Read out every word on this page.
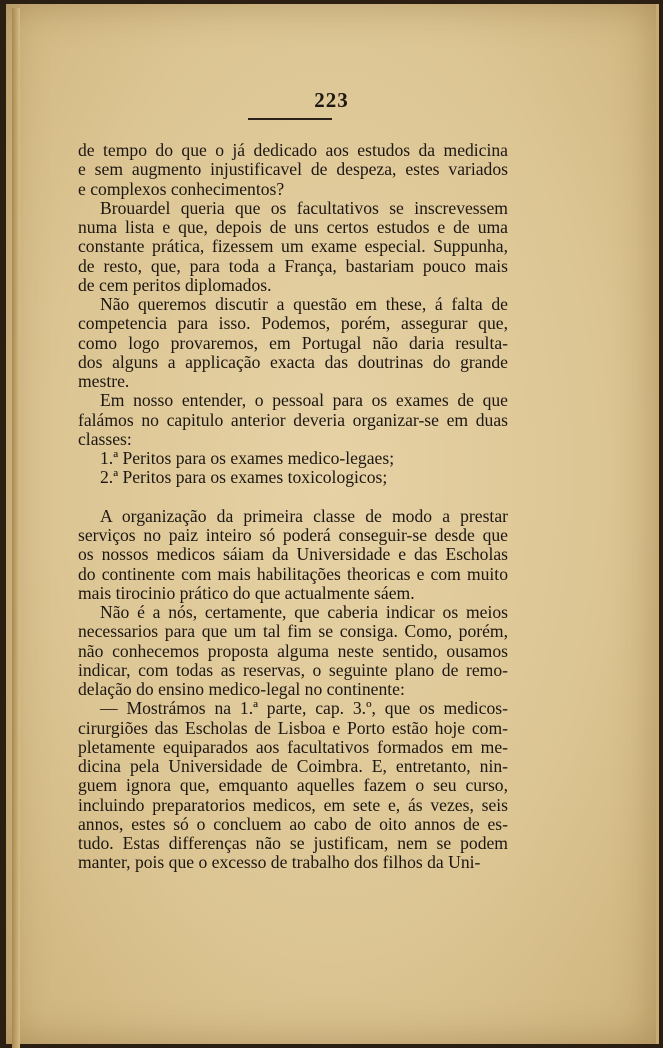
223
de tempo do que o já dedicado aos estudos da medicina
e sem augmento injustificavel de despeza, estes variados
e complexos conhecimentos?
Brouardel queria que os facultativos se inscrevessem
numa lista e que, depois de uns certos estudos e de uma
constante prática, fizessem um exame especial. Suppunha,
de resto, que, para toda a França, bastariam pouco mais
de cem peritos diplomados.
Não queremos discutir a questão em these, á falta de
competencia para isso. Podemos, porém, assegurar que,
como logo provaremos, em Portugal não daria resulta-
dos alguns a applicação exacta das doutrinas do grande
mestre.
Em nosso entender, o pessoal para os exames de que
falámos no capitulo anterior deveria organizar-se em duas
classes:
1.ª Peritos para os exames medico-legaes;
2.ª Peritos para os exames toxicologicos;
A organização da primeira classe de modo a prestar
serviços no paiz inteiro só poderá conseguir-se desde que
os nossos medicos sáiam da Universidade e das Escholas
do continente com mais habilitações theoricas e com muito
mais tirocinio prático do que actualmente sáem.
Não é a nós, certamente, que caberia indicar os meios
necessarios para que um tal fim se consiga. Como, porém,
não conhecemos proposta alguma neste sentido, ousamos
indicar, com todas as reservas, o seguinte plano de remo-
delação do ensino medico-legal no continente:
— Mostrámos na 1.ª parte, cap. 3.º, que os medicos-
cirurgiões das Escholas de Lisboa e Porto estão hoje com-
pletamente equiparados aos facultativos formados em me-
dicina pela Universidade de Coimbra. E, entretanto, nin-
guem ignora que, emquanto aquelles fazem o seu curso,
incluindo preparatorios medicos, em sete e, ás vezes, seis
annos, estes só o concluem ao cabo de oito annos de es-
tudo. Estas differenças não se justificam, nem se podem
manter, pois que o excesso de trabalho dos filhos da Uni-
